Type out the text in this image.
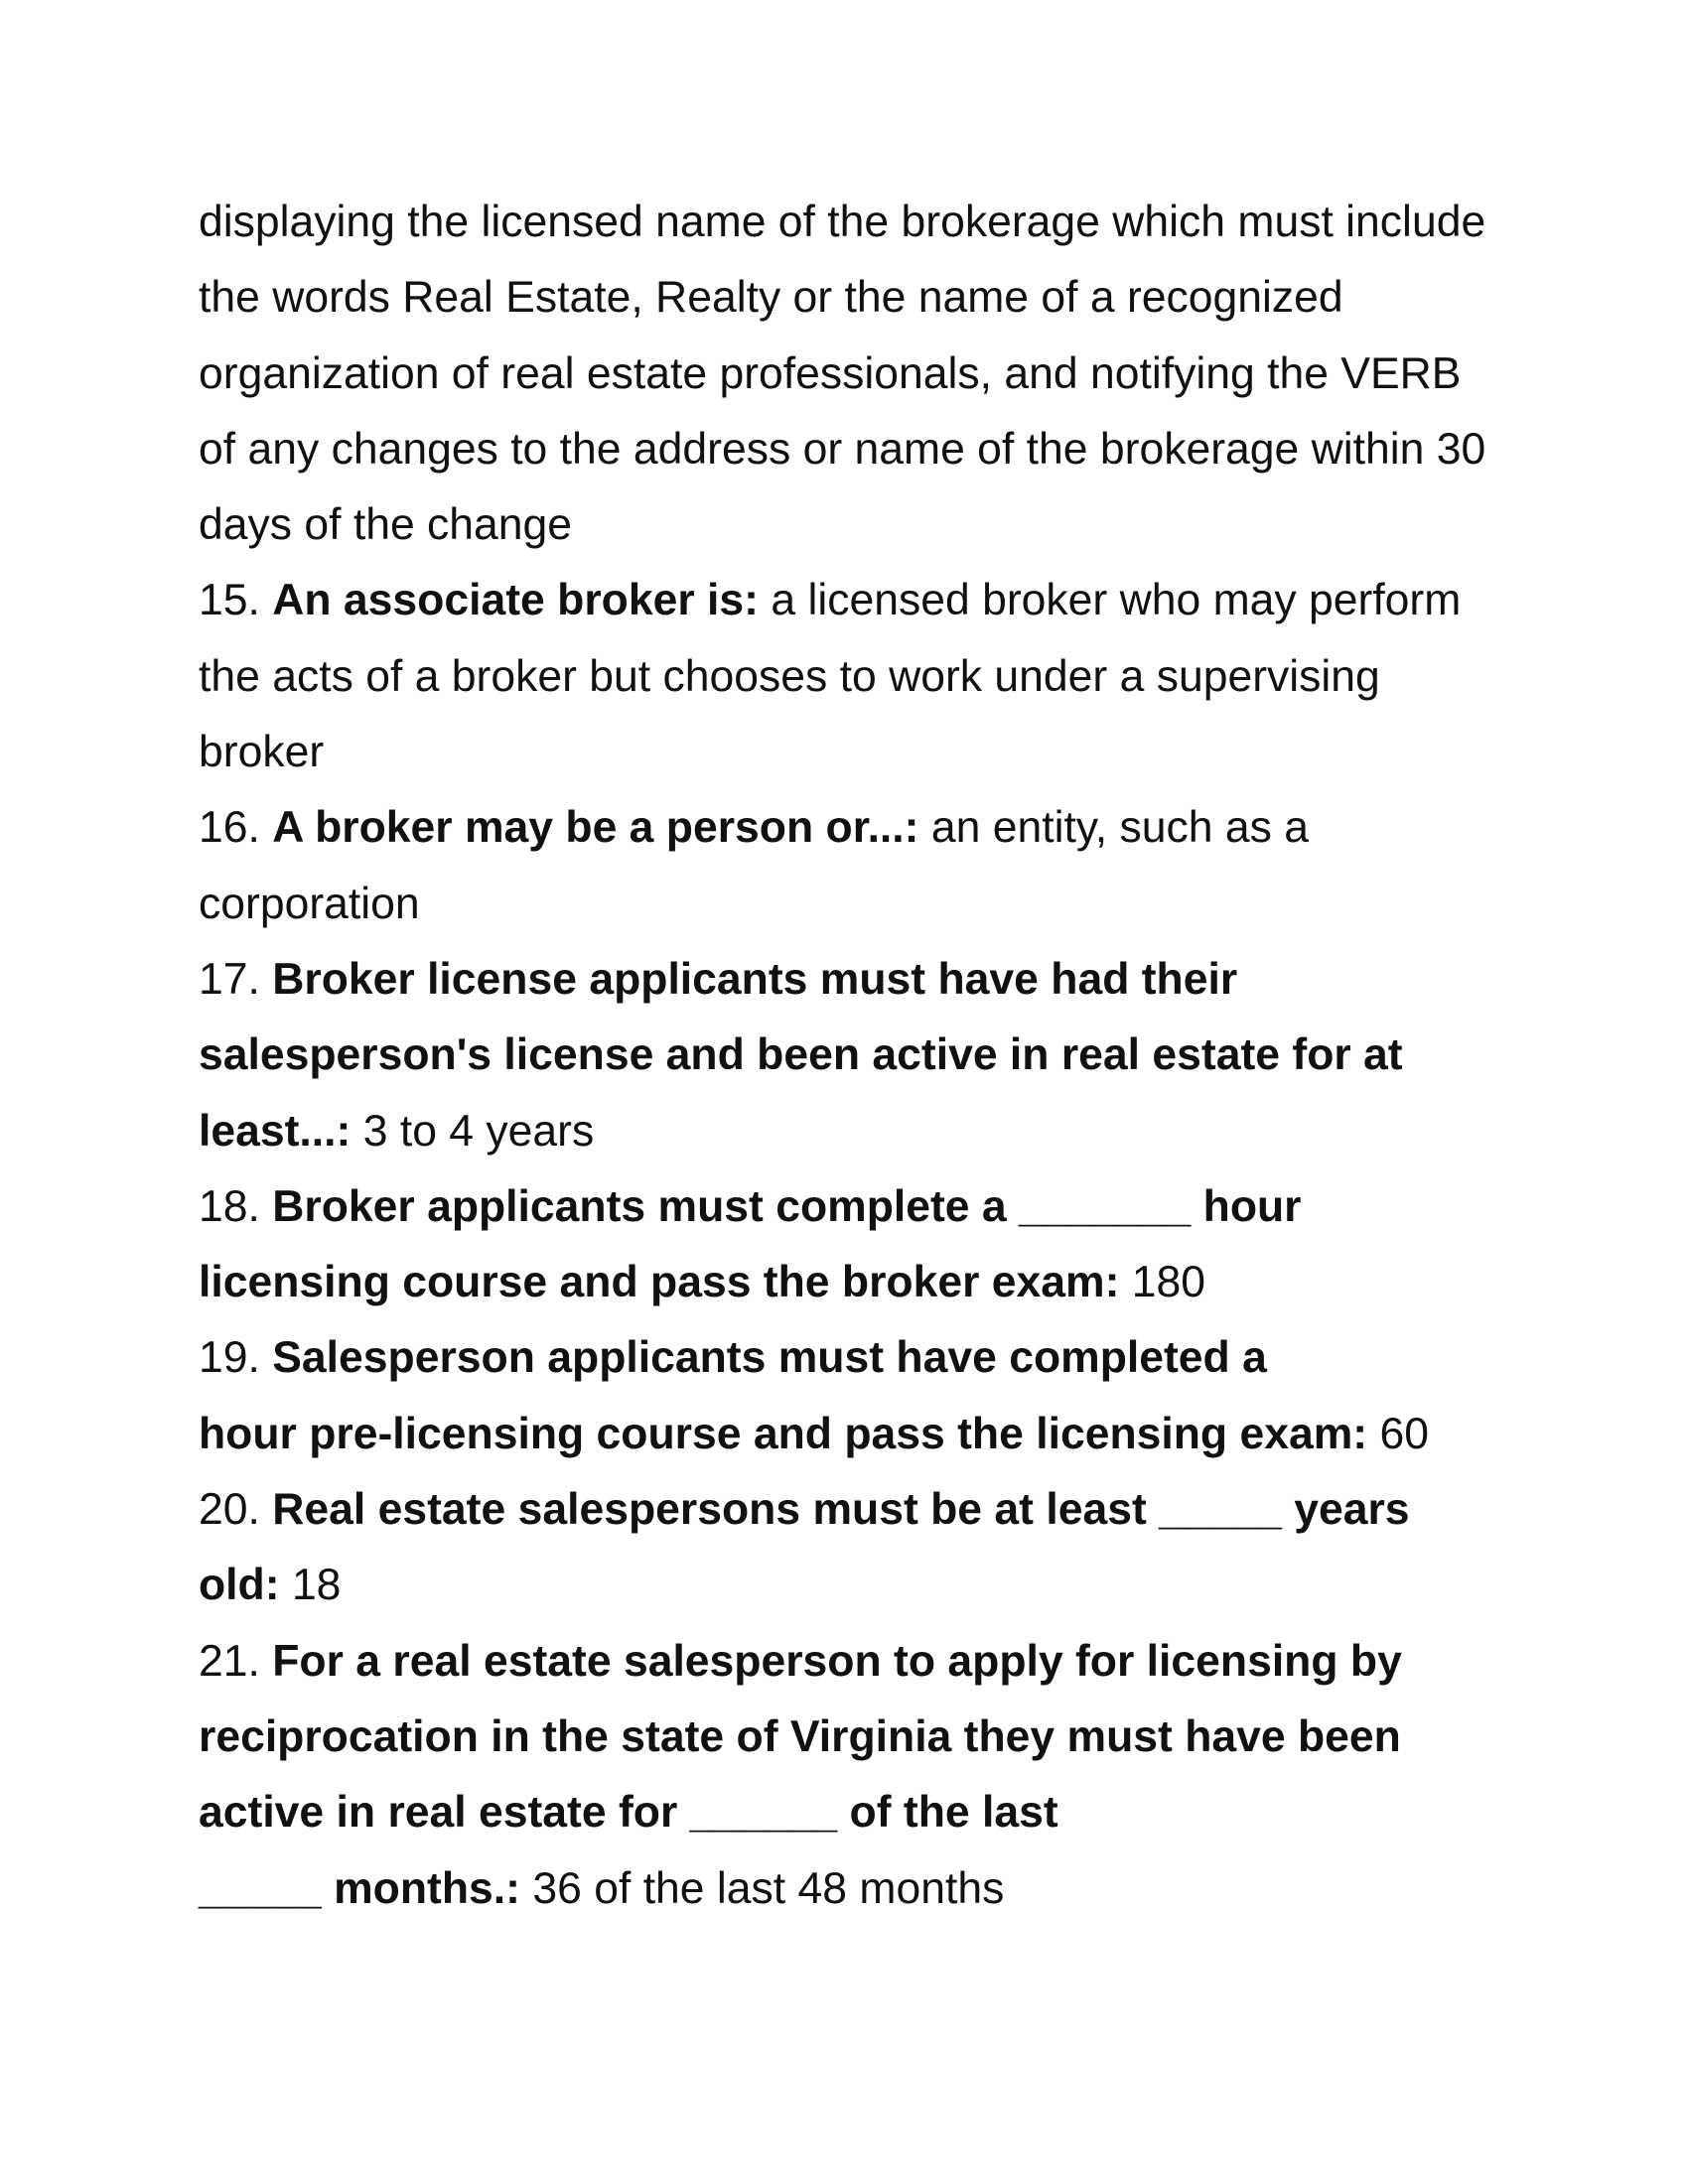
displaying the licensed name of the brokerage which must include
the words Real Estate, Realty or the name of a recognized
organization of real estate professionals, and notifying the VERB
of any changes to the address or name of the brokerage within 30
days of the change
15. An associate broker is: a licensed broker who may perform
the acts of a broker but chooses to work under a supervising
broker
16. A broker may be a person or...: an entity, such as a
corporation
17. Broker license applicants must have had their
salesperson's license and been active in real estate for at
least...: 3 to 4 years
18. Broker applicants must complete a _______ hour
licensing course and pass the broker exam: 180
19. Salesperson applicants must have completed a
hour pre-licensing course and pass the licensing exam: 60
20. Real estate salespersons must be at least _____ years
old: 18
21. For a real estate salesperson to apply for licensing by
reciprocation in the state of Virginia they must have been
active in real estate for ______ of the last
_____ months.: 36 of the last 48 months
